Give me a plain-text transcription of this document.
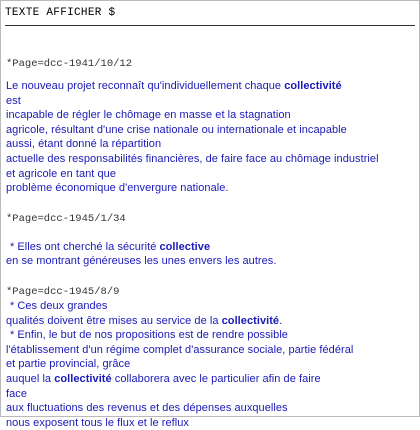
TEXTE AFFICHER $
*Page=dcc-1941/10/12
Le nouveau projet reconnaît qu'individuellement chaque collectivité
est
incapable de régler le chômage en masse et la stagnation
agricole, résultant d'une crise nationale ou internationale et incapable
aussi, étant donné la répartition
actuelle des responsabilités financières, de faire face au chômage industriel
et agricole en tant que
problème économique d'envergure nationale.
*Page=dcc-1945/1/34
* Elles ont cherché la sécurité collective
en se montrant généreuses les unes envers les autres.
*Page=dcc-1945/8/9
* Ces deux grandes
qualités doivent être mises au service de la collectivité.
* Enfin, le but de nos propositions est de rendre possible
l'établissement d'un régime complet d'assurance sociale, partie fédéral
et partie provincial, grâce
auquel la collectivité collaborera avec le particulier afin de faire
face
aux fluctuations des revenus et des dépenses auxquelles
nous exposent tous le flux et le reflux
